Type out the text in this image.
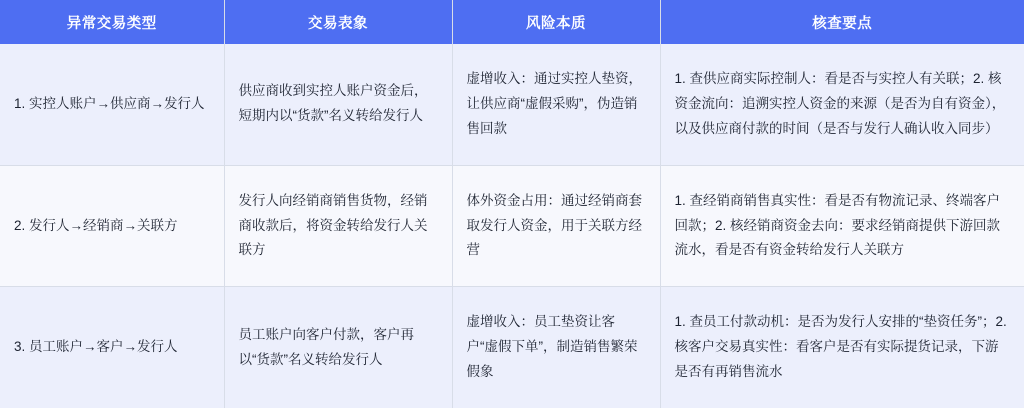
异常交易类型	交易表象	风险本质	核查要点
1. 实控人账户→供应商→发行人	供应商收到实控人账户资金后，短期内以“货款”名义转给发行人	虚增收入：通过实控人垫资，让供应商“虚假采购”，伪造销售回款	1. 查供应商实际控制人：看是否与实控人有关联；2. 核资金流向：追溯实控人资金的来源（是否为自有资金），以及供应商付款的时间（是否与发行人确认收入同步）
2. 发行人→经销商→关联方	发行人向经销商销售货物，经销商收款后，将资金转给发行人关联方	体外资金占用：通过经销商套取发行人资金，用于关联方经营	1. 查经销商销售真实性：看是否有物流记录、终端客户回款；2. 核经销商资金去向：要求经销商提供下游回款流水，看是否有资金转给发行人关联方
3. 员工账户→客户→发行人	员工账户向客户付款，客户再以“货款”名义转给发行人	虚增收入：员工垫资让客户“虚假下单”，制造销售繁荣假象	1. 查员工付款动机：是否为发行人安排的“垫资任务”；2. 核客户交易真实性：看客户是否有实际提货记录，下游是否有再销售流水
